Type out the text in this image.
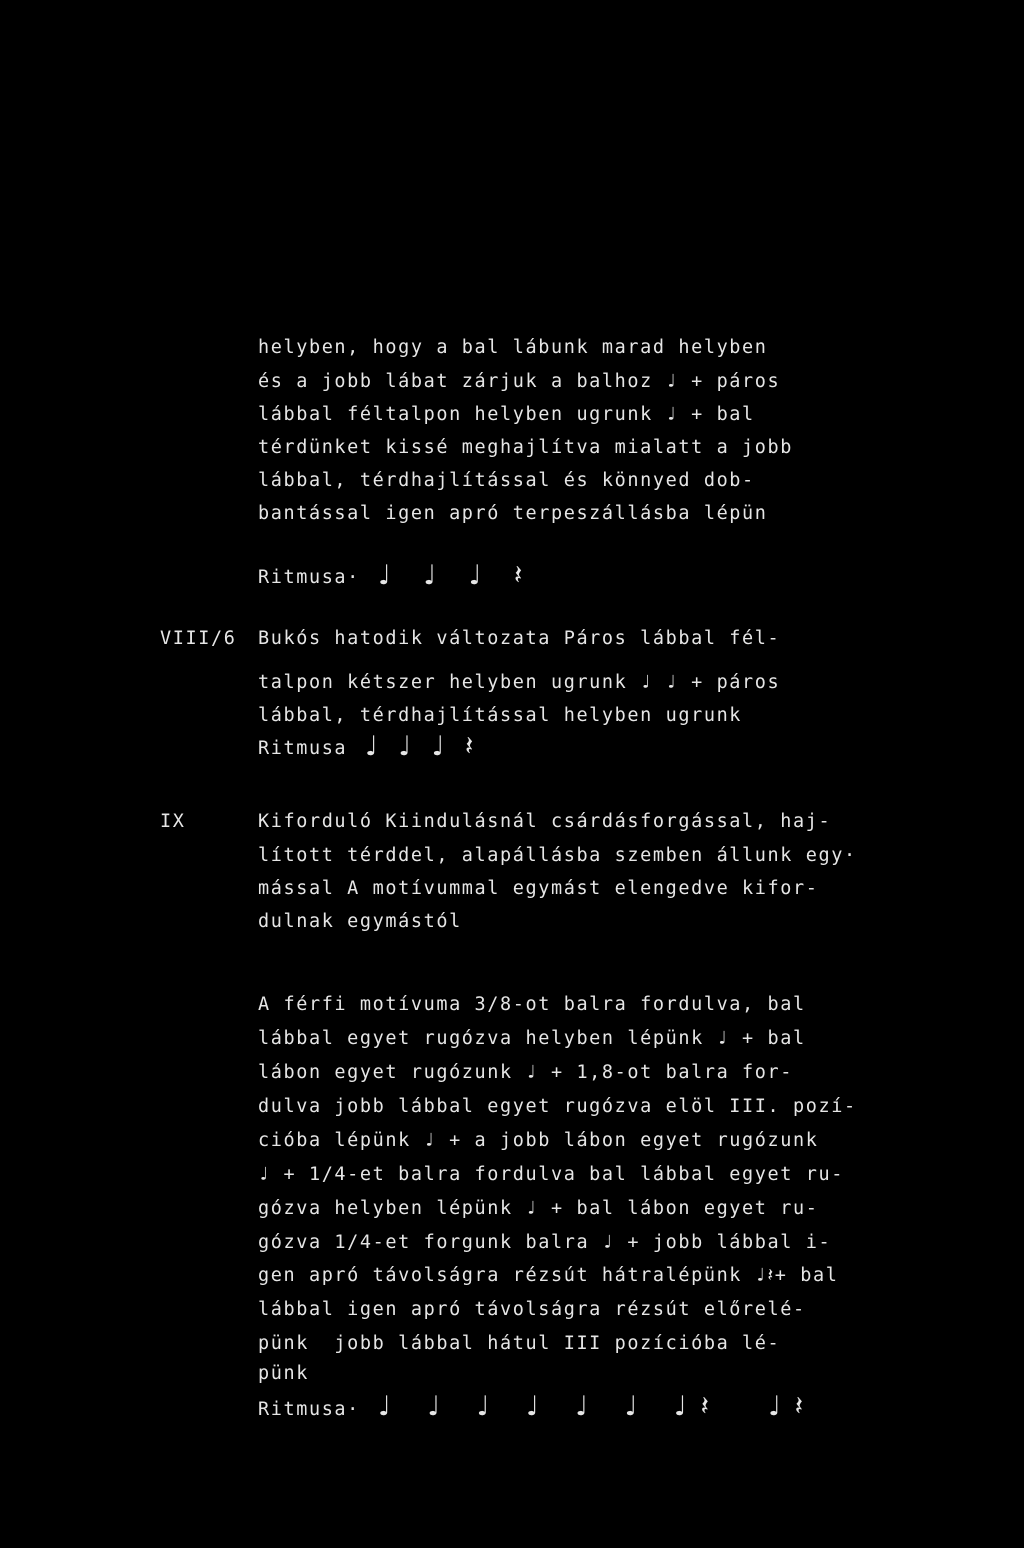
helyben, hogy a bal lábunk marad helyben
és a jobb lábat zárjuk a balhoz ♩ + páros
lábbal féltalpon helyben ugrunk ♩ + bal
térdünket kissé meghajlítva mialatt a jobb
lábbal, térdhajlítással és könnyed dob-
bantással igen apró terpeszállásba lépün
Ritmusa· ♩ ♩ ♩ 𝄽
VIII/6 Bukós hatodik változata Páros lábbal fél-
talpon kétszer helyben ugrunk ♩ ♩ + páros
lábbal, térdhajlítással helyben ugrunk
Ritmusa ♩ ♩ ♩ 𝄽
IX	Kiforduló Kiindulásnál csárdásforgással, haj-
lított térddel, alapállásba szemben állunk egy·
mással A motívummal egymást elengedve kifor-
dulnak egymástól
A férfi motívuma 3/8-ot balra fordulva, bal
lábbal egyet rugózva helyben lépünk ♩ + bal
lábon egyet rugózunk ♩ + 1,8-ot balra for-
dulva jobb lábbal egyet rugózva elöl III. pozí-
cióba lépünk ♩ + a jobb lábon egyet rugózunk
♩ + 1/4-et balra fordulva bal lábbal egyet ru-
gózva helyben lépünk ♩ + bal lábon egyet ru-
gózva 1/4-et forgunk balra ♩ + jobb lábbal i-
gen apró távolságra rézsút hátralépünk ♩𝄽+ bal
lábbal igen apró távolságra rézsút előrelé-
pünk  jobb lábbal hátul III pozícióba lé-
pünk
Ritmusa· ♩ ♩ ♩ ♩ ♩ ♩ ♩𝄽  ♩𝄽
